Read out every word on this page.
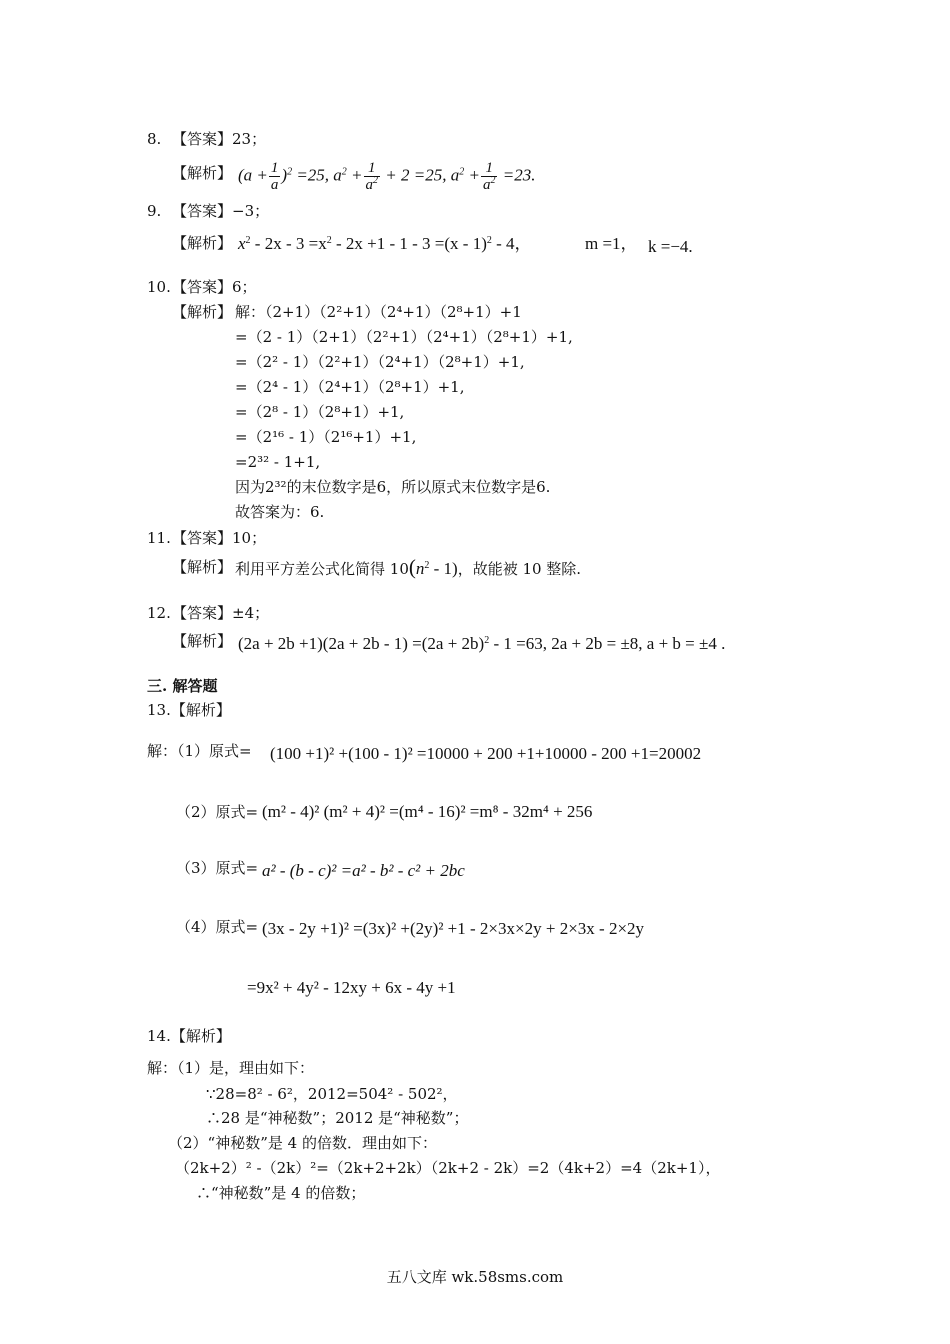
8. 【答案】23；
【解析】 $(a + \frac{1}{a} )^2 =25$, $a^2 + \frac{1}{a^2} + 2 =25$, $a^2 + \frac{1}{a^2} =23$.
9. 【答案】−3；
【解析】 $x^2 - 2x - 3 =x^2 - 2x +1 - 1 - 3 =(x - 1)^2 - 4$，	m =1， k =−4.
10. 【答案】6；
【解析】 解：（2+1）（2²+1）（2⁴+1）（2⁸+1）+1
=（2 - 1）（2+1）（2²+1）（2⁴+1）（2⁸+1）+1,
=（2² - 1）（2²+1）（2⁴+1）（2⁸+1）+1,
=（2⁴ - 1）（2⁴+1）（2⁸+1）+1,
=（2⁸ - 1）（2⁸+1）+1,
=（2¹⁶ - 1）（2¹⁶+1）+1,
=2³² - 1+1,
因为2³²的末位数字是6，所以原式末位数字是6.
故答案为：6.
11. 【答案】10；
【解析】 利用平方差公式化简得 $10(n^2 - 1)$，故能被 10 整除.
12. 【答案】±4；
【解析】 $(2a + 2b +1)(2a + 2b - 1) =(2a + 2b)^2 - 1 =63$, 2a + 2b = ±8, a + b = ±4 .
三. 解答题
13.【解析】
解：（1）原式= (100 +1)² +(100 - 1)² =10000 + 200 +1+10000 - 200 +1=20002
（2）原式= (m² - 4)² (m² + 4)² =(m⁴ - 16)² =m⁸ - 32m⁴ + 256
（3）原式= a² - (b - c)² =a² - b² - c² + 2bc
（4）原式= (3x - 2y +1)² =(3x)² +(2y)² +1 - 2×3x×2y + 2×3x - 2×2y
=9x² + 4y² - 12xy + 6x - 4y +1
14.【解析】
解：（1）是，理由如下：
∵28=8² - 6²，2012=504² - 502²，
∴28 是“神秘数”；2012 是“神秘数”；
（2）“神秘数”是 4 的倍数．理由如下：
（2k+2）² -（2k）²=（2k+2+2k）（2k+2 - 2k）=2（4k+2）=4（2k+1），
∴“神秘数”是 4 的倍数；
五八文库 wk.58sms.com
